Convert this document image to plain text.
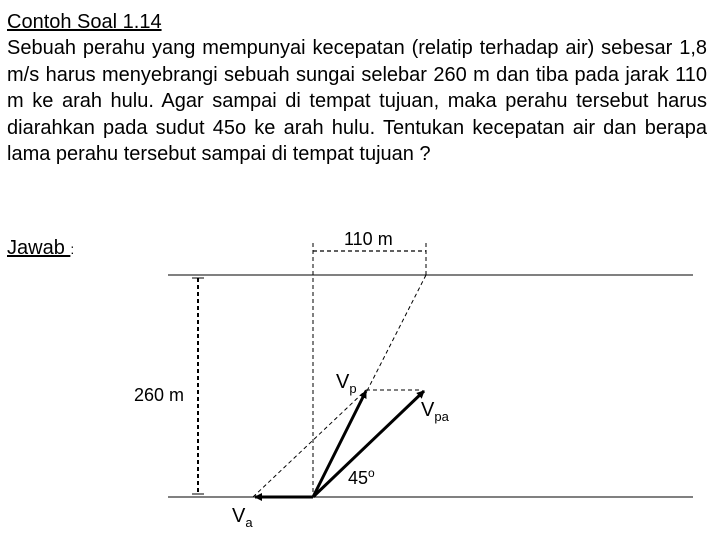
Contoh Soal 1.14
Sebuah perahu yang mempunyai kecepatan (relatip terhadap air) sebesar 1,8 m/s harus menyebrangi sebuah sungai selebar 260 m dan tiba pada jarak 110 m ke arah hulu. Agar sampai di tempat tujuan, maka perahu tersebut harus diarahkan pada sudut 45o ke arah hulu. Tentukan kecepatan air dan berapa lama perahu tersebut sampai di tempat tujuan ?
Jawab :	110 m
260 m
$V_p$
$V_{pa}$
$V_a$
45$^o$
